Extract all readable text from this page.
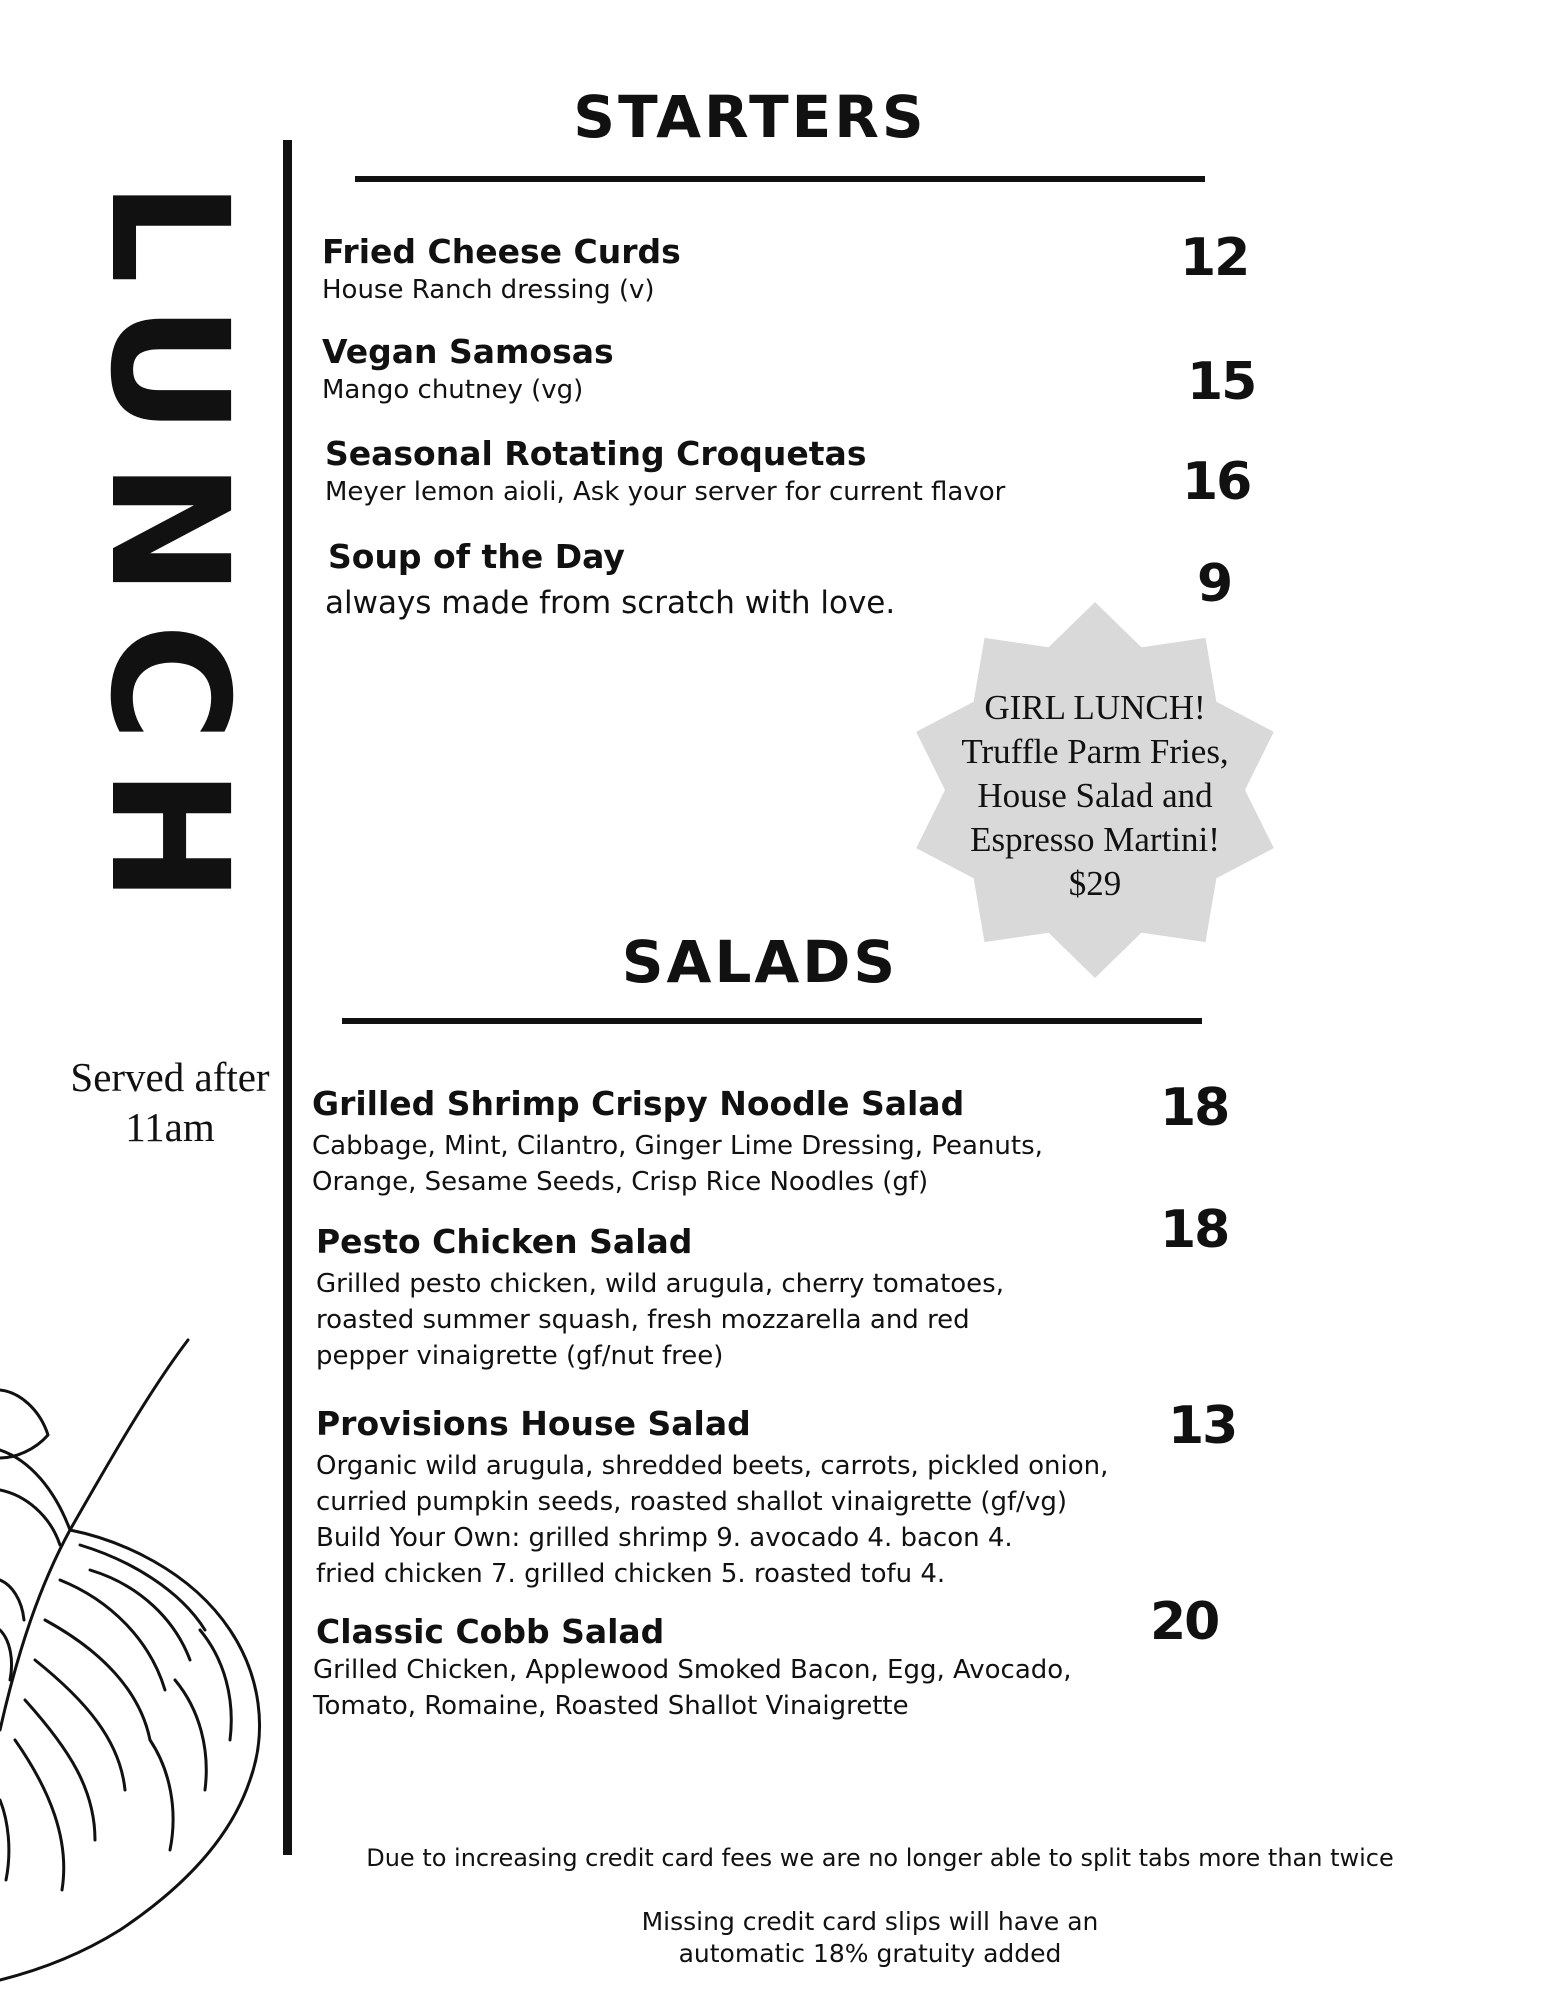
LUNCH
Served after 11am
STARTERS
Fried Cheese Curds
House Ranch dressing (v)
12
Vegan Samosas
Mango chutney (vg)	15
Seasonal Rotating Croquetas
Meyer lemon aioli, Ask your server for current flavor	16
Soup of the Day
always made from scratch with love.	9
GIRL LUNCH!
Truffle Parm Fries,
House Salad and
Espresso Martini!
$29
SALADS
Grilled Shrimp Crispy Noodle Salad
Cabbage, Mint, Cilantro, Ginger Lime Dressing, Peanuts,
Orange, Sesame Seeds, Crisp Rice Noodles (gf)
18
Pesto Chicken Salad
Grilled pesto chicken, wild arugula, cherry tomatoes,
roasted summer squash, fresh mozzarella and red
pepper vinaigrette (gf/nut free)
18
Provisions House Salad
Organic wild arugula, shredded beets, carrots, pickled onion,
curried pumpkin seeds, roasted shallot vinaigrette (gf/vg)
Build Your Own: grilled shrimp 9. avocado 4. bacon 4.
fried chicken 7. grilled chicken 5. roasted tofu 4.
13
Classic Cobb Salad
Grilled Chicken, Applewood Smoked Bacon, Egg, Avocado,
Tomato, Romaine, Roasted Shallot Vinaigrette
20
Due to increasing credit card fees we are no longer able to split tabs more than twice
Missing credit card slips will have an
automatic 18% gratuity added
